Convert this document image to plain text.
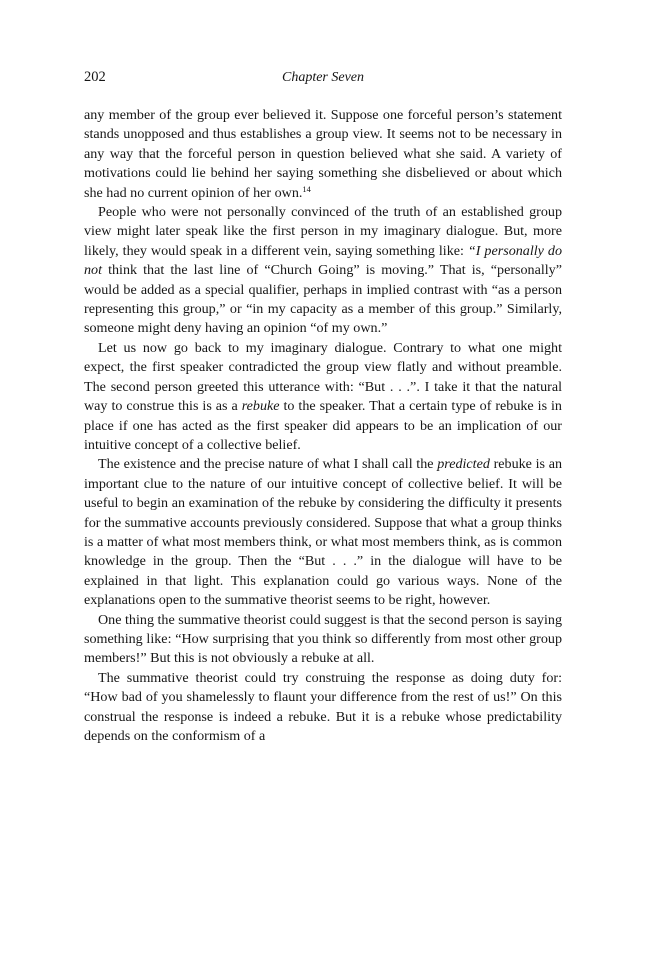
202	Chapter Seven

any member of the group ever believed it. Suppose one forceful person’s statement stands unopposed and thus establishes a group view. It seems not to be necessary in any way that the forceful person in question believed what she said. A variety of motivations could lie behind her saying something she disbelieved or about which she had no current opinion of her own.$^{14}$

People who were not personally convinced of the truth of an established group view might later speak like the first person in my imaginary dialogue. But, more likely, they would speak in a different vein, saying something like: “I personally do not think that the last line of “Church Going” is moving.” That is, “personally” would be added as a special qualifier, perhaps in implied contrast with “as a person representing this group,” or “in my capacity as a member of this group.” Similarly, someone might deny having an opinion “of my own.”

Let us now go back to my imaginary dialogue. Contrary to what one might expect, the first speaker contradicted the group view flatly and without preamble. The second person greeted this utterance with: “But . . .”. I take it that the natural way to construe this is as a rebuke to the speaker. That a certain type of rebuke is in place if one has acted as the first speaker did appears to be an implication of our intuitive concept of a collective belief.

The existence and the precise nature of what I shall call the predicted rebuke is an important clue to the nature of our intuitive concept of collective belief. It will be useful to begin an examination of the rebuke by considering the difficulty it presents for the summative accounts previously considered. Suppose that what a group thinks is a matter of what most members think, or what most members think, as is common knowledge in the group. Then the “But . . .” in the dialogue will have to be explained in that light. This explanation could go various ways. None of the explanations open to the summative theorist seems to be right, however.

One thing the summative theorist could suggest is that the second person is saying something like: “How surprising that you think so differently from most other group members!” But this is not obviously a rebuke at all.

The summative theorist could try construing the response as doing duty for: “How bad of you shamelessly to flaunt your difference from the rest of us!” On this construal the response is indeed a rebuke. But it is a rebuke whose predictability depends on the conformism of a
